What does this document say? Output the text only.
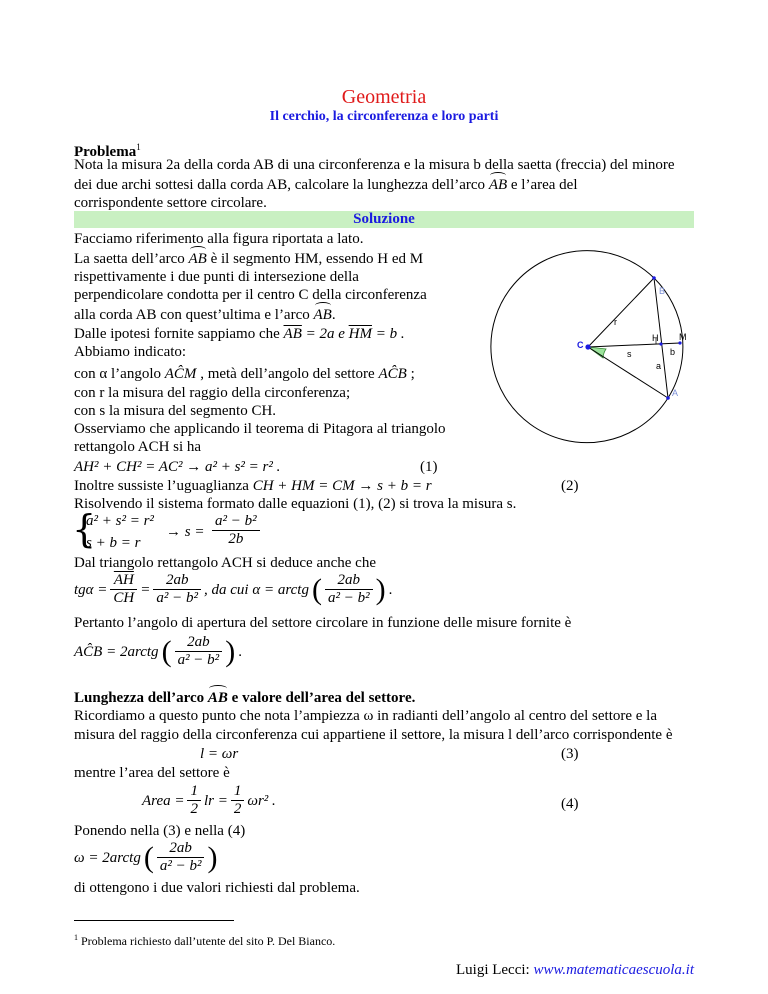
Geometria
Il cerchio, la circonferenza e loro parti
Problema$^1$
Nota la misura 2a della corda AB di una circonferenza e la misura b della saetta (freccia) del minore
dei due archi sottesi dalla corda AB, calcolare la lunghezza dell’arco AB e l’area del
corrispondente settore circolare.
Soluzione
Facciamo riferimento alla figura riportata a lato.
La saetta dell’arco AB è il segmento HM, essendo H ed M
rispettivamente i due punti di intersezione della
perpendicolare condotta per il centro C della circonferenza
alla corda AB con quest’ultima e l’arco AB.
Dalle ipotesi fornite sappiamo che $\overline{AB} = 2a$ e $\overline{HM} = b$ .
Abbiamo indicato:
con α l’angolo AĈM , metà dell’angolo del settore AĈB ;
con r la misura del raggio della circonferenza;
con s la misura del segmento CH.
Osserviamo che applicando il teorema di Pitagora al triangolo
rettangolo ACH si ha
AH² + CH² = AC² → a² + s² = r² .	(1)
Inoltre sussiste l’uguaglianza CH + HM = CM → s + b = r	(2)
Risolvendo il sistema formato dalle equazioni (1), (2) si trova la misura s.
{
a² + s² = r²
s + b = r
→ $s = \frac{\text{a² − b²}}{2b}$
Dal triangolo rettangolo ACH si deduce anche che
$tg\alpha = \frac{\overline{AH}}{CH} = \frac{2ab}{\text{a² − b²}}$ , da cui α = arctg ( $\frac{2ab}{\text{a² − b²}}$ ) .
Pertanto l’angolo di apertura del settore circolare in funzione delle misure fornite è
AĈB = 2arctg ( $\frac{2ab}{\text{a² − b²}}$ ) .
Lunghezza dell’arco AB e valore dell’area del settore.
Ricordiamo a questo punto che nota l’ampiezza ω in radianti dell’angolo al centro del settore e la
misura del raggio della circonferenza cui appartiene il settore, la misura l dell’arco corrispondente è
l = ωr	(3)
mentre l’area del settore è
Area = $\frac{1}{2}$ lr = $\frac{1}{2} \omega r^2$ .	(4)
Ponendo nella (3) e nella (4)
ω = 2arctg ( $\frac{2ab}{\text{a² − b²}}$ )
di ottengono i due valori richiesti dal problema.
B
r
M
H
C
s	b
a
A
$^1$ Problema richiesto dall’utente del sito P. Del Bianco.
Luigi Lecci: www.matematicaescuola.it
